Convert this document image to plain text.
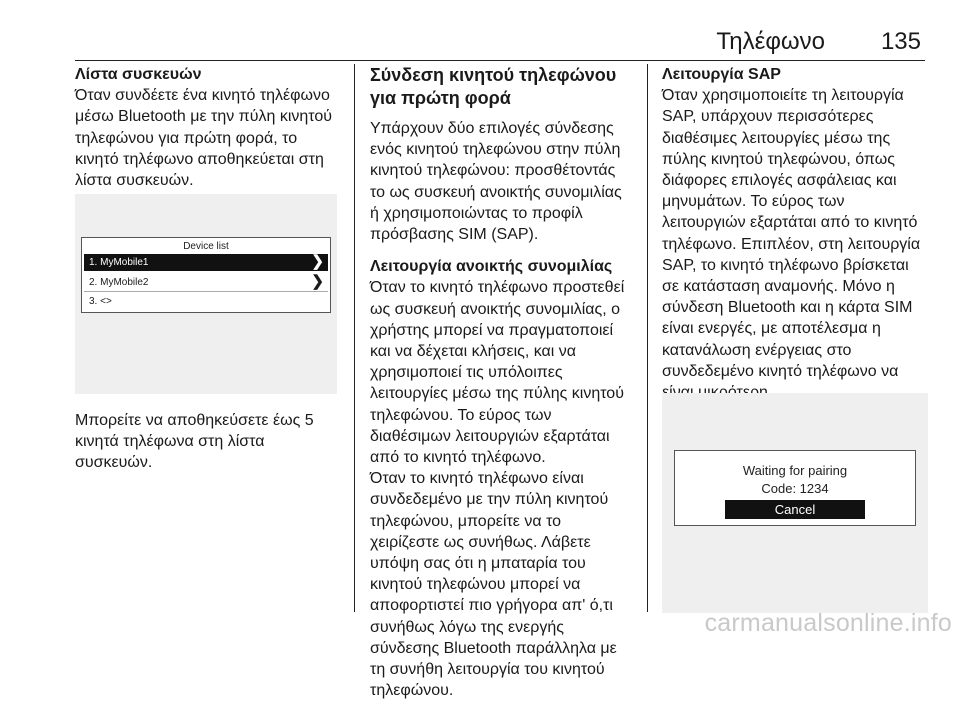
Τηλέφωνο 135
Λίστα συσκευών

Όταν συνδέετε ένα κινητό τηλέφωνο μέσω Bluetooth με την πύλη κινητού τηλεφώνου για πρώτη φορά, το κινητό τηλέφωνο αποθηκεύεται στη λίστα συσκευών.

Device list
1. MyMobile1	❯
2. MyMobile2	❯
3. <>

Μπορείτε να αποθηκεύσετε έως 5 κινητά τηλέφωνα στη λίστα συσκευών.

Σύνδεση κινητού τηλεφώνου για πρώτη φορά

Υπάρχουν δύο επιλογές σύνδεσης ενός κινητού τηλεφώνου στην πύλη κινητού τηλεφώνου: προσθέτοντάς το ως συσκευή ανοικτής συνομιλίας ή χρησιμοποιώντας το προφίλ πρόσβασης SIM (SAP).

Λειτουργία ανοικτής συνομιλίας

Όταν το κινητό τηλέφωνο προστεθεί ως συσκευή ανοικτής συνομιλίας, ο χρήστης μπορεί να πραγματοποιεί και να δέχεται κλήσεις, και να χρησιμοποιεί τις υπόλοιπες λειτουργίες μέσω της πύλης κινητού τηλεφώνου. Το εύρος των διαθέσιμων λειτουργιών εξαρτάται από το κινητό τηλέφωνο.

Όταν το κινητό τηλέφωνο είναι συνδεδεμένο με την πύλη κινητού τηλεφώνου, μπορείτε να το χειρίζεστε ως συνήθως. Λάβετε υπόψη σας ότι η μπαταρία του κινητού τηλεφώνου μπορεί να αποφορτιστεί πιο γρήγορα απ' ό,τι συνήθως λόγω της ενεργής σύνδεσης Bluetooth παράλληλα με τη συνήθη λειτουργία του κινητού τηλεφώνου.

Λειτουργία SAP

Όταν χρησιμοποιείτε τη λειτουργία SAP, υπάρχουν περισσότερες διαθέσιμες λειτουργίες μέσω της πύλης κινητού τηλεφώνου, όπως διάφορες επιλογές ασφάλειας και μηνυμάτων. Το εύρος των λειτουργιών εξαρτάται από το κινητό τηλέφωνο. Επιπλέον, στη λειτουργία SAP, το κινητό τηλέφωνο βρίσκεται σε κατάσταση αναμονής. Μόνο η σύνδεση Bluetooth και η κάρτα SIM είναι ενεργές, με αποτέλεσμα η κατανάλωση ενέργειας στο συνδεδεμένο κινητό τηλέφωνο να

Waiting for pairing
Code: 1234
Cancel
carmanualsonline.info
